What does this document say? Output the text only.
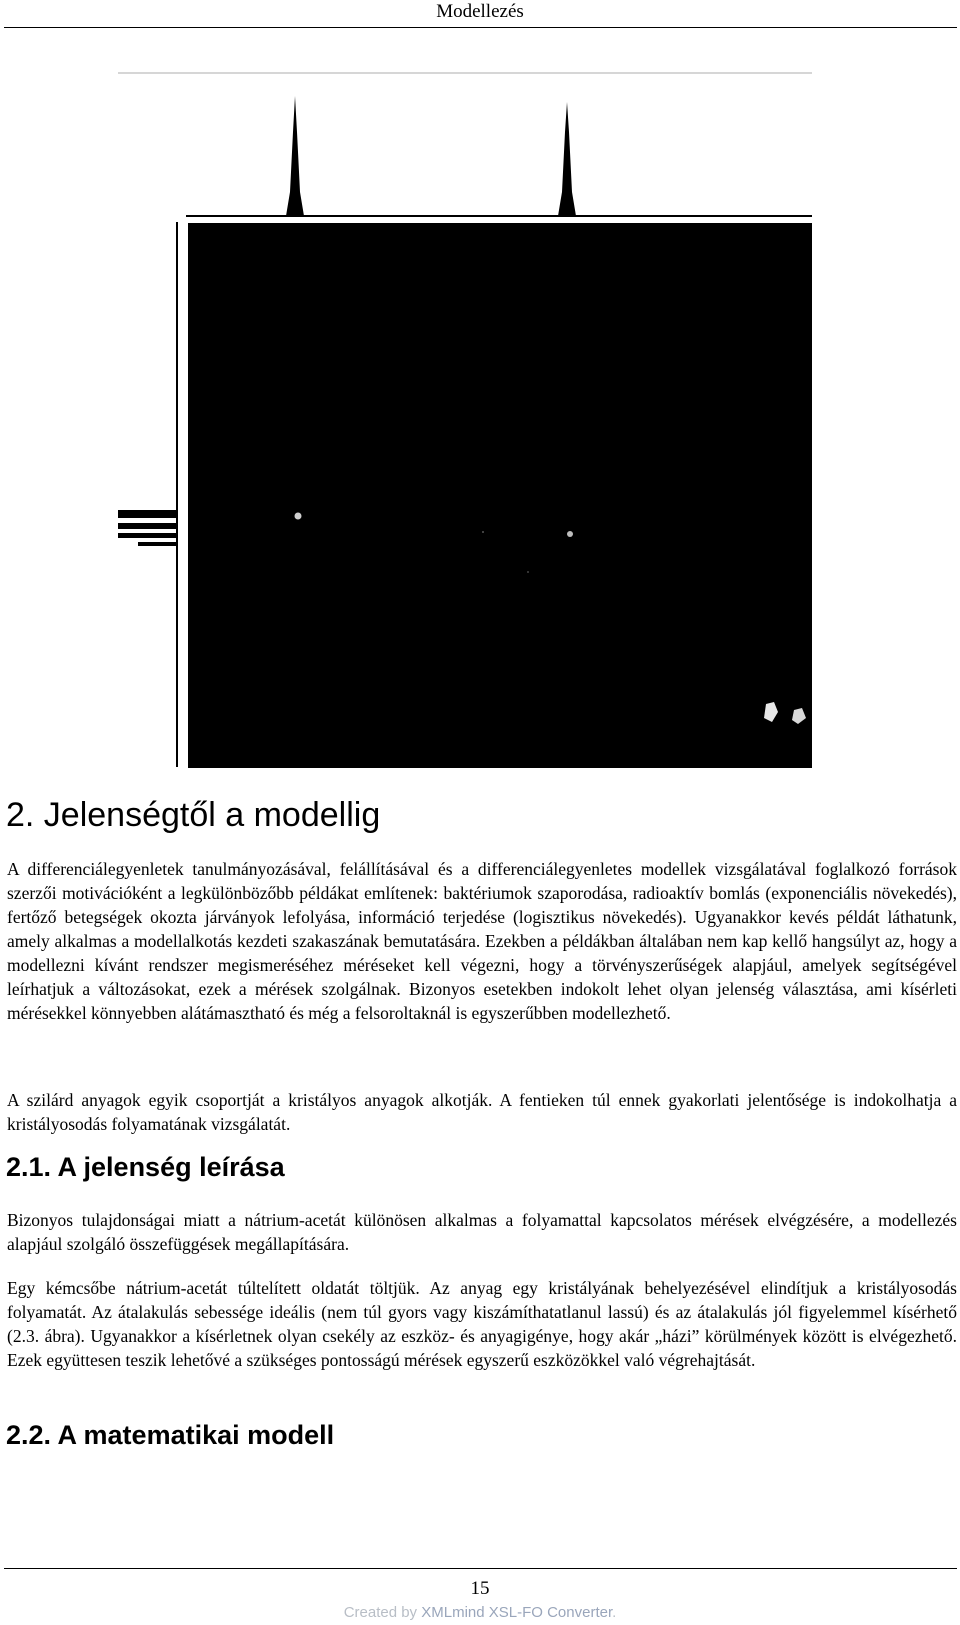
Modellezés
2. Jelenségtől a modellig

A differenciálegyenletek tanulmányozásával, felállításával és a differenciálegyenletes modellek vizsgálatával foglalkozó források szerzői motivációként a legkülönbözőbb példákat említenek: baktériumok szaporodása, radioaktív bomlás (exponenciális növekedés), fertőző betegségek okozta járványok lefolyása, információ terjedése (logisztikus növekedés). Ugyanakkor kevés példát láthatunk, amely alkalmas a modellalkotás kezdeti szakaszának bemutatására. Ezekben a példákban általában nem kap kellő hangsúlyt az, hogy a modellezni kívánt rendszer megismeréséhez méréseket kell végezni, hogy a törvényszerűségek alapjául, amelyek segítségével leírhatjuk a változásokat, ezek a mérések szolgálnak. Bizonyos esetekben indokolt lehet olyan jelenség választása, ami kísérleti mérésekkel könnyebben alátámasztható és még a felsoroltaknál is egyszerűbben modellezhető.

A szilárd anyagok egyik csoportját a kristályos anyagok alkotják. A fentieken túl ennek gyakorlati jelentősége is indokolhatja a kristályosodás folyamatának vizsgálatát.

2.1. A jelenség leírása

Bizonyos tulajdonságai miatt a nátrium-acetát különösen alkalmas a folyamattal kapcsolatos mérések elvégzésére, a modellezés alapjául szolgáló összefüggések megállapítására.

Egy kémcsőbe nátrium-acetát túltelített oldatát töltjük. Az anyag egy kristályának behelyezésével elindítjuk a kristályosodás folyamatát. Az átalakulás sebessége ideális (nem túl gyors vagy kiszámíthatatlanul lassú) és az átalakulás jól figyelemmel kísérhető (2.3. ábra). Ugyanakkor a kísérletnek olyan csekély az eszköz- és anyagigénye, hogy akár „házi” körülmények között is elvégezhető. Ezek együttesen teszik lehetővé a szükséges pontosságú mérések egyszerű eszközökkel való végrehajtását.

2.2. A matematikai modell
15
Created by XMLmind XSL-FO Converter.
